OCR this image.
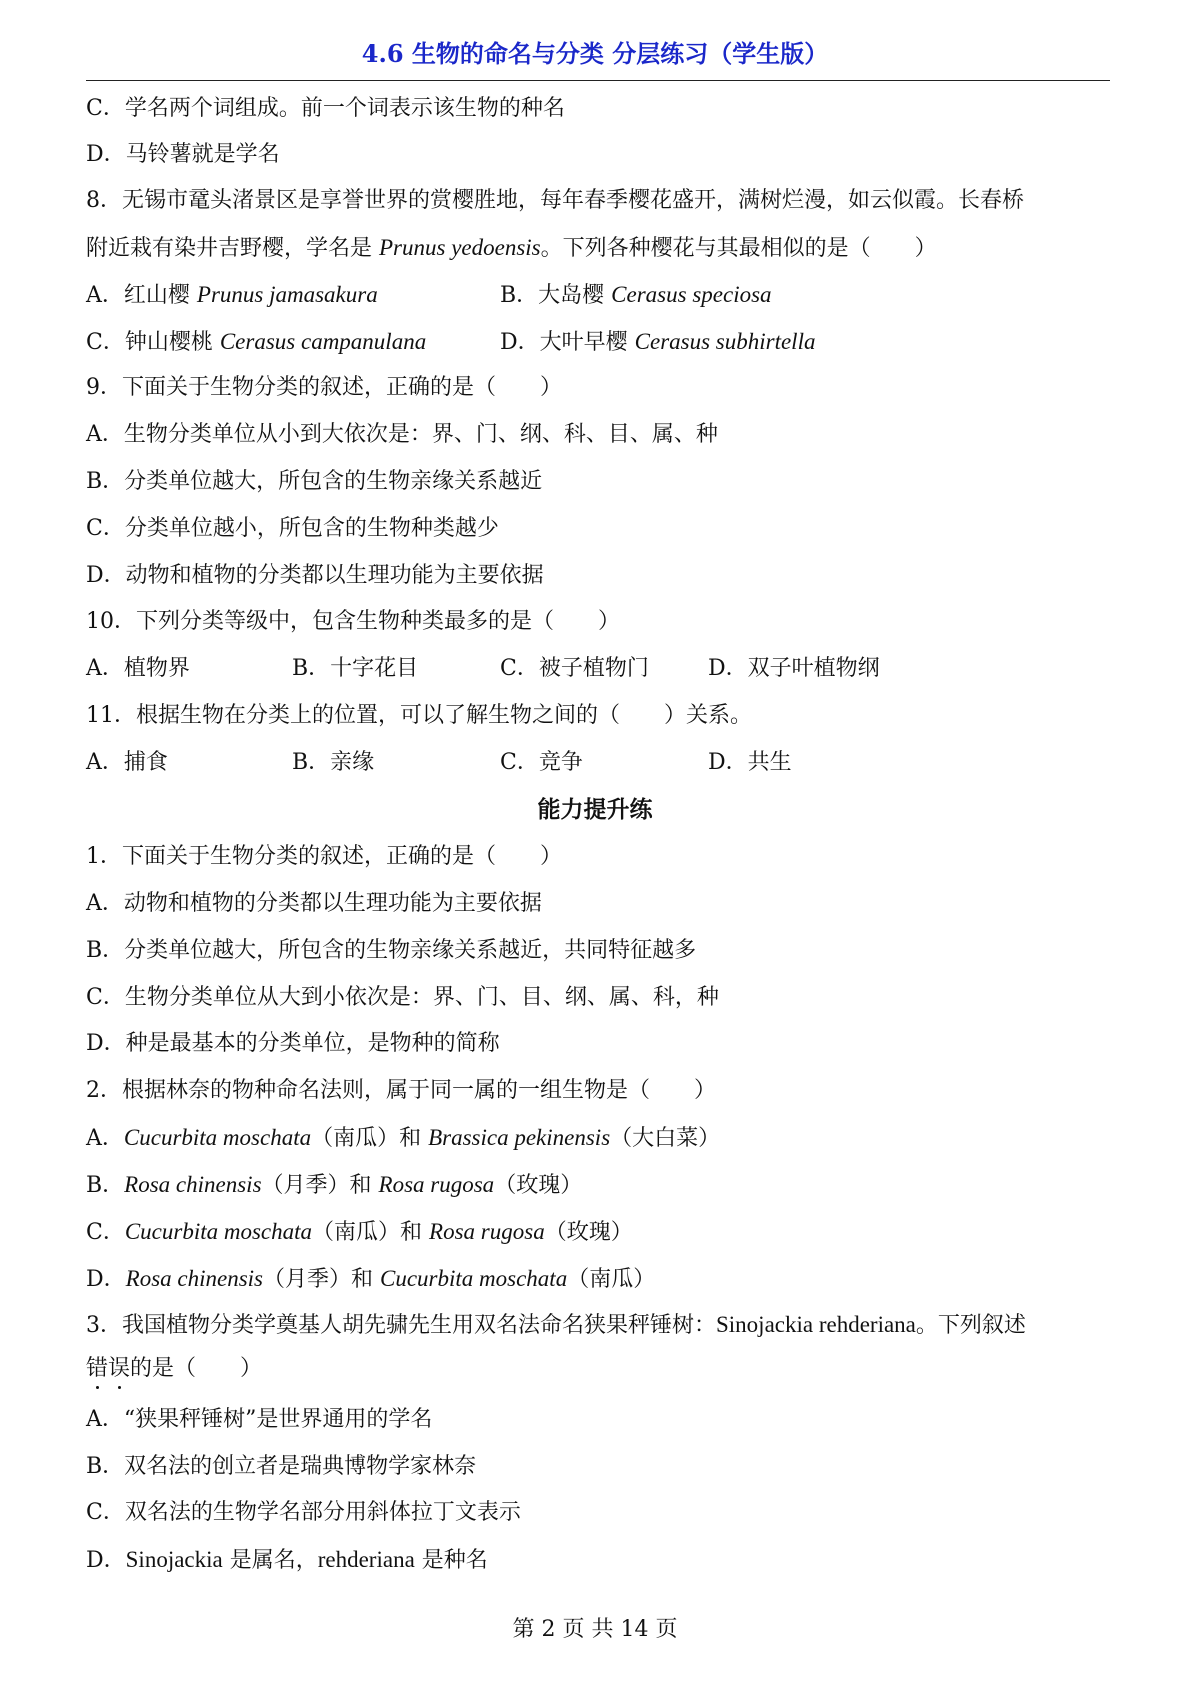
4.6 生物的命名与分类 分层练习（学生版）
C．学名两个词组成。前一个词表示该生物的种名
D．马铃薯就是学名
8．无锡市鼋头渚景区是享誉世界的赏樱胜地，每年春季樱花盛开，满树烂漫，如云似霞。长春桥
附近栽有染井吉野樱，学名是 Prunus yedoensis。下列各种樱花与其最相似的是（　　）
A．红山樱 Prunus jamasakura	B．大岛樱 Cerasus speciosa
C．钟山樱桃 Cerasus campanulana	D．大叶早樱 Cerasus subhirtella
9．下面关于生物分类的叙述，正确的是（　　）
A．生物分类单位从小到大依次是：界、门、纲、科、目、属、种
B．分类单位越大，所包含的生物亲缘关系越近
C．分类单位越小，所包含的生物种类越少
D．动物和植物的分类都以生理功能为主要依据
10．下列分类等级中，包含生物种类最多的是（　　）
A．植物界	B．十字花目	C．被子植物门	D．双子叶植物纲
11．根据生物在分类上的位置，可以了解生物之间的（　　）关系。
A．捕食	B．亲缘	C．竞争	D．共生
能力提升练
1．下面关于生物分类的叙述，正确的是（　　）
A．动物和植物的分类都以生理功能为主要依据
B．分类单位越大，所包含的生物亲缘关系越近，共同特征越多
C．生物分类单位从大到小依次是：界、门、目、纲、属、科，种
D．种是最基本的分类单位，是物种的简称
2．根据林奈的物种命名法则，属于同一属的一组生物是（　　）
A．Cucurbita moschata（南瓜）和 Brassica pekinensis（大白菜）
B．Rosa chinensis（月季）和 Rosa rugosa（玫瑰）
C．Cucurbita moschata（南瓜）和 Rosa rugosa（玫瑰）
D．Rosa chinensis（月季）和 Cucurbita moschata（南瓜）
3．我国植物分类学奠基人胡先骕先生用双名法命名狭果秤锤树：Sinojackia rehderiana。下列叙述
错误的是（　　）
A．“狭果秤锤树”是世界通用的学名
B．双名法的创立者是瑞典博物学家林奈
C．双名法的生物学名部分用斜体拉丁文表示
D．Sinojackia 是属名，rehderiana 是种名
第 2 页 共 14 页
